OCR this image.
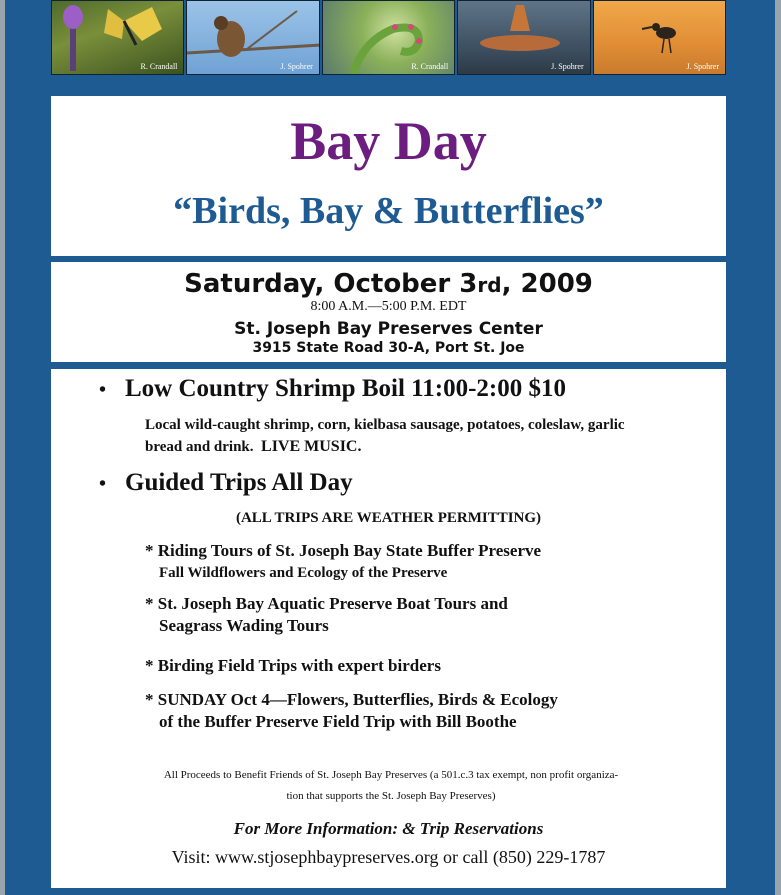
R. Crandall	J. Spohrer	R. Crandall	J. Spohrer	J. Spohrer
Bay Day
“Birds, Bay & Butterflies”
Saturday, October 3rd, 2009
8:00 A.M.—5:00 P.M. EDT
St. Joseph Bay Preserves Center
3915 State Road 30-A, Port St. Joe
• Low Country Shrimp Boil 11:00-2:00 $10
Local wild-caught shrimp, corn, kielbasa sausage, potatoes, coleslaw, garlic bread and drink. LIVE MUSIC.
• Guided Trips All Day
(ALL TRIPS ARE WEATHER PERMITTING)
* Riding Tours of St. Joseph Bay State Buffer Preserve
Fall Wildflowers and Ecology of the Preserve
* St. Joseph Bay Aquatic Preserve Boat Tours and
Seagrass Wading Tours
* Birding Field Trips with expert birders
* SUNDAY Oct 4—Flowers, Butterflies, Birds & Ecology
of the Buffer Preserve Field Trip with Bill Boothe
All Proceeds to Benefit Friends of St. Joseph Bay Preserves (a 501.c.3 tax exempt, non profit organiza-
tion that supports the St. Joseph Bay Preserves)
For More Information: & Trip Reservations
Visit: www.stjosephbaypreserves.org or call (850) 229-1787
